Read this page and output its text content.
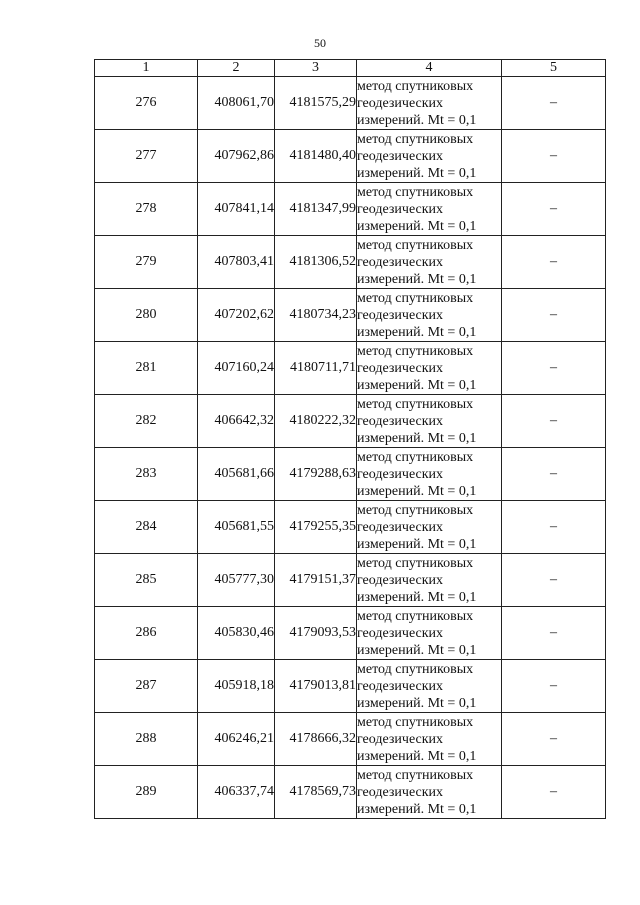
50
1	2	3	4	5
276	408061,70	4181575,29	метод спутниковых
геодезических
измерений. Mt = 0,1	–
277	407962,86	4181480,40	метод спутниковых
геодезических
измерений. Mt = 0,1	–
278	407841,14	4181347,99	метод спутниковых
геодезических
измерений. Mt = 0,1	–
279	407803,41	4181306,52	метод спутниковых
геодезических
измерений. Mt = 0,1	–
280	407202,62	4180734,23	метод спутниковых
геодезических
измерений. Mt = 0,1	–
281	407160,24	4180711,71	метод спутниковых
геодезических
измерений. Mt = 0,1	–
282	406642,32	4180222,32	метод спутниковых
геодезических
измерений. Mt = 0,1	–
283	405681,66	4179288,63	метод спутниковых
геодезических
измерений. Mt = 0,1	–
284	405681,55	4179255,35	метод спутниковых
геодезических
измерений. Mt = 0,1	–
285	405777,30	4179151,37	метод спутниковых
геодезических
измерений. Mt = 0,1	–
286	405830,46	4179093,53	метод спутниковых
геодезических
измерений. Mt = 0,1	–
287	405918,18	4179013,81	метод спутниковых
геодезических
измерений. Mt = 0,1	–
288	406246,21	4178666,32	метод спутниковых
геодезических
измерений. Mt = 0,1	–
289	406337,74	4178569,73	метод спутниковых
геодезических
измерений. Mt = 0,1	–
